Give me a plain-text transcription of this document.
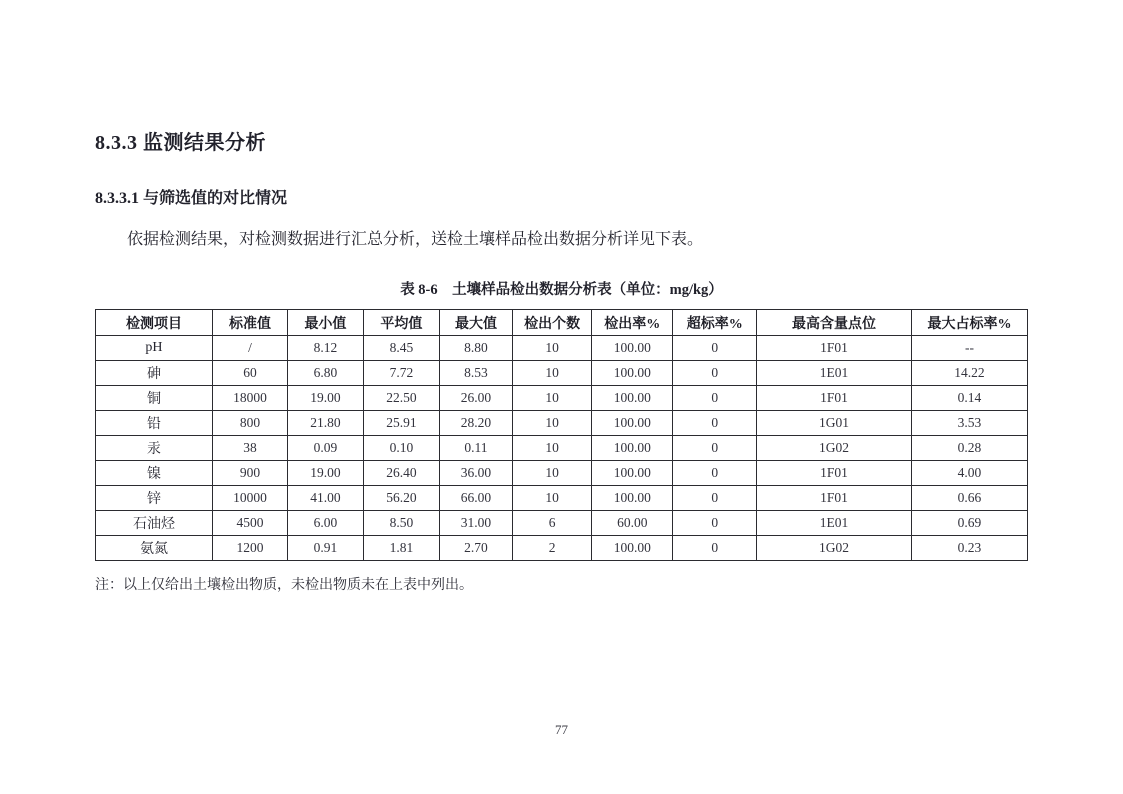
8.3.3 监测结果分析
8.3.3.1 与筛选值的对比情况

依据检测结果，对检测数据进行汇总分析，送检土壤样品检出数据分析详见下表。

表 8-6　土壤样品检出数据分析表（单位：mg/kg）
检测项目	标准值	最小值	平均值	最大值	检出个数	检出率%	超标率%	最高含量点位	最大占标率%
pH	/	8.12	8.45	8.80	10	100.00	0	1F01	--
砷	60	6.80	7.72	8.53	10	100.00	0	1E01	14.22
铜	18000	19.00	22.50	26.00	10	100.00	0	1F01	0.14
铅	800	21.80	25.91	28.20	10	100.00	0	1G01	3.53
汞	38	0.09	0.10	0.11	10	100.00	0	1G02	0.28
镍	900	19.00	26.40	36.00	10	100.00	0	1F01	4.00
锌	10000	41.00	56.20	66.00	10	100.00	0	1F01	0.66
石油烃	4500	6.00	8.50	31.00	6	60.00	0	1E01	0.69
氨氮	1200	0.91	1.81	2.70	2	100.00	0	1G02	0.23

注：以上仅给出土壤检出物质，未检出物质未在上表中列出。

77
